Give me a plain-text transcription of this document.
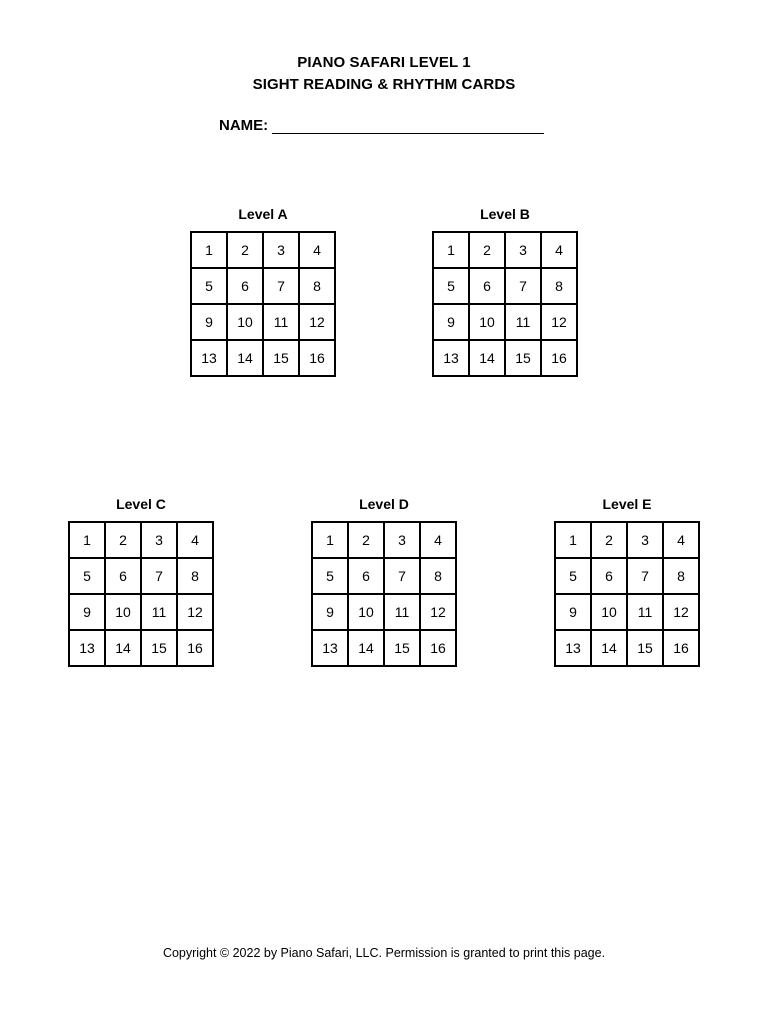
PIANO SAFARI LEVEL 1
SIGHT READING & RHYTHM CARDS
NAME:
Level A
1	2	3	4
5	6	7	8
9	10	11	12
13	14	15	16
Level B
1	2	3	4
5	6	7	8
9	10	11	12
13	14	15	16
Level C
1	2	3	4
5	6	7	8
9	10	11	12
13	14	15	16
Level D
1	2	3	4
5	6	7	8
9	10	11	12
13	14	15	16
Level E
1	2	3	4
5	6	7	8
9	10	11	12
13	14	15	16
Copyright © 2022 by Piano Safari, LLC. Permission is granted to print this page.
